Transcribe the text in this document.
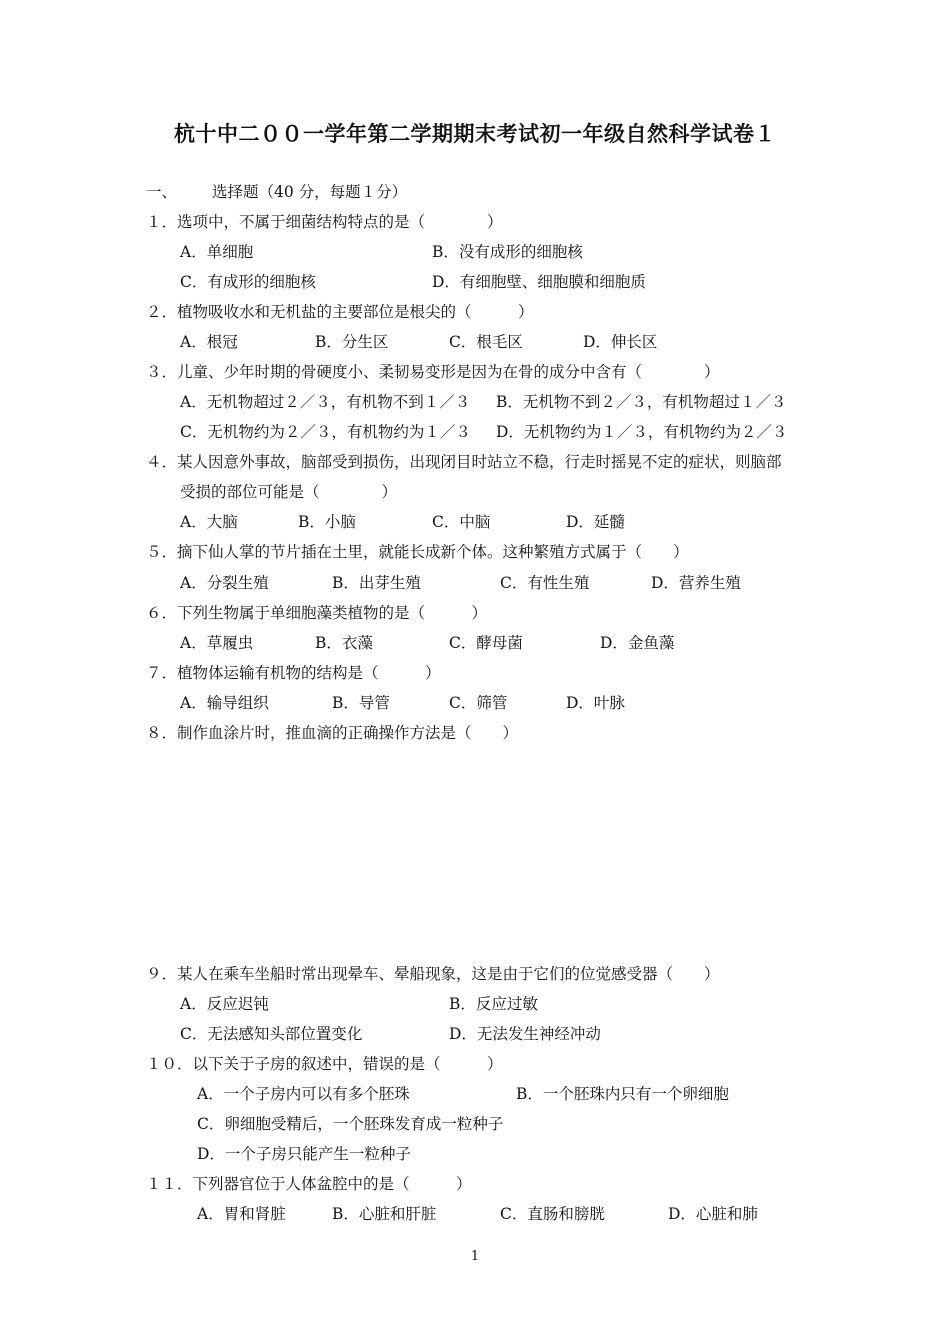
杭十中二００一学年第二学期期末考试初一年级自然科学试卷１
一、 选择题（40 分，每题１分）
１．选项中，不属于细菌结构特点的是（　　　　）
A．单细胞	B．没有成形的细胞核
C．有成形的细胞核	D．有细胞壁、细胞膜和细胞质
２．植物吸收水和无机盐的主要部位是根尖的（　　　）
A．根冠	B．分生区	C．根毛区	D．伸长区
３．儿童、少年时期的骨硬度小、柔韧易变形是因为在骨的成分中含有（　　　　）
A．无机物超过２／３，有机物不到１／３ B．无机物不到２／３，有机物超过１／３
C．无机物约为２／３，有机物约为１／３ D．无机物约为１／３，有机物约为２／３
４．某人因意外事故，脑部受到损伤，出现闭目时站立不稳，行走时摇晃不定的症状，则脑部
受损的部位可能是（　　　　）
A．大脑	B．小脑	C．中脑	D．延髓
５．摘下仙人掌的节片插在土里，就能长成新个体。这种繁殖方式属于（　　）
A．分裂生殖	B．出芽生殖	C．有性生殖	D．营养生殖
６．下列生物属于单细胞藻类植物的是（　　　）
A．草履虫	B．衣藻	C．酵母菌	D．金鱼藻
７．植物体运输有机物的结构是（　　　）
A．输导组织	B．导管	C．筛管	D．叶脉
８．制作血涂片时，推血滴的正确操作方法是（　　）
９．某人在乘车坐船时常出现晕车、晕船现象，这是由于它们的位觉感受器（　　）
A．反应迟钝	B．反应过敏
C．无法感知头部位置变化	D．无法发生神经冲动
１０．以下关于子房的叙述中，错误的是（　　　）
A．一个子房内可以有多个胚珠	B．一个胚珠内只有一个卵细胞
C．卵细胞受精后，一个胚珠发育成一粒种子
D．一个子房只能产生一粒种子
１１．下列器官位于人体盆腔中的是（　　　）
A．胃和肾脏	B．心脏和肝脏	C．直肠和膀胱	D．心脏和肺
1
